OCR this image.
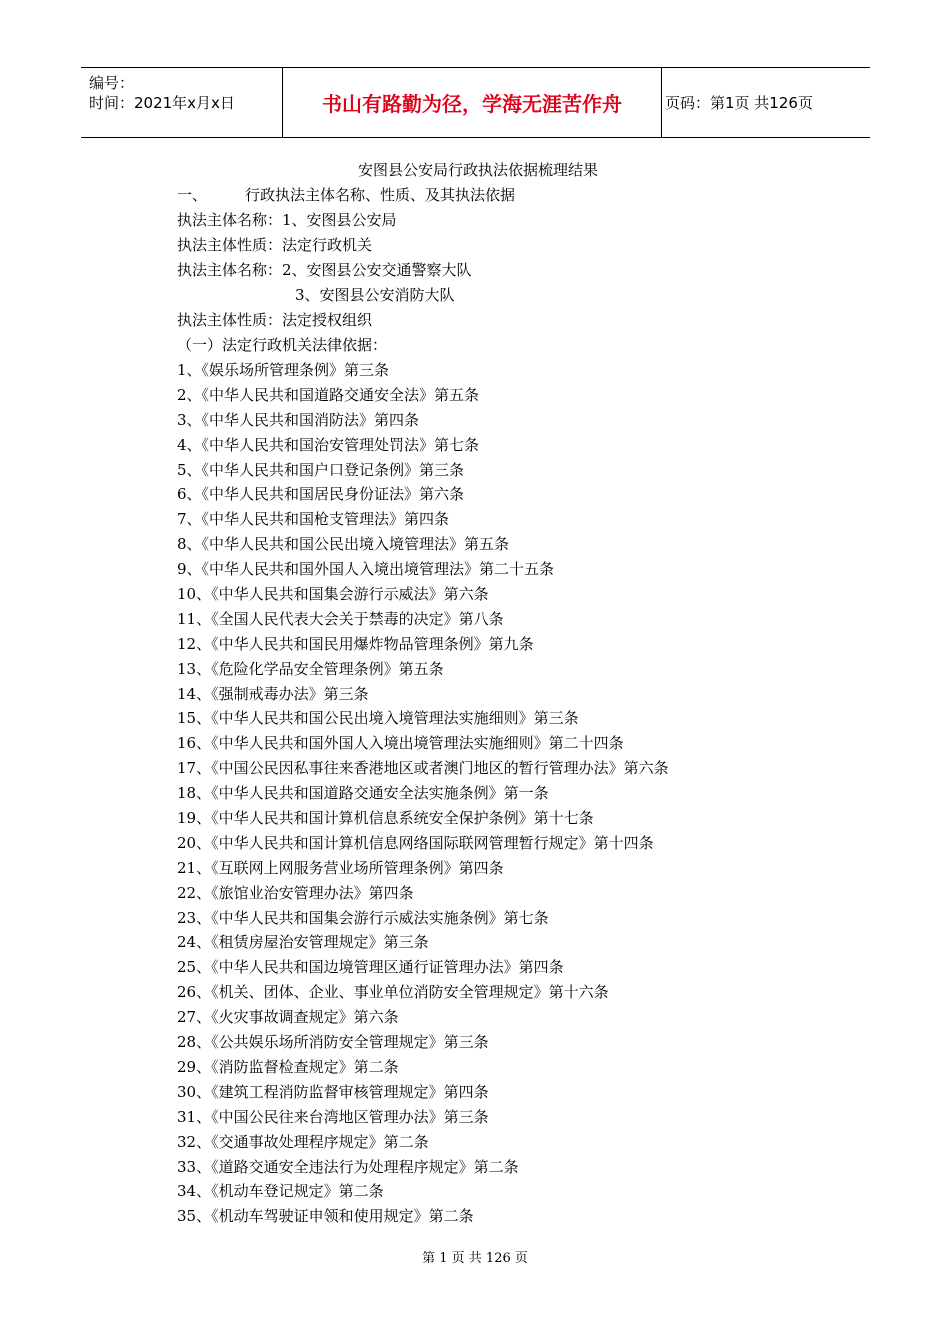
编号：
时间：2021年x月x日	书山有路勤为径，学海无涯苦作舟	页码：第1页 共126页
安图县公安局行政执法依据梳理结果
一、	行政执法主体名称、性质、及其执法依据
执法主体名称：1、安图县公安局
执法主体性质：法定行政机关
执法主体名称：2、安图县公安交通警察大队
3、安图县公安消防大队
执法主体性质：法定授权组织
（一）法定行政机关法律依据：
1、《娱乐场所管理条例》第三条
2、《中华人民共和国道路交通安全法》第五条
3、《中华人民共和国消防法》第四条
4、《中华人民共和国治安管理处罚法》第七条
5、《中华人民共和国户口登记条例》第三条
6、《中华人民共和国居民身份证法》第六条
7、《中华人民共和国枪支管理法》第四条
8、《中华人民共和国公民出境入境管理法》第五条
9、《中华人民共和国外国人入境出境管理法》第二十五条
10、《中华人民共和国集会游行示威法》第六条
11、《全国人民代表大会关于禁毒的决定》第八条
12、《中华人民共和国民用爆炸物品管理条例》第九条
13、《危险化学品安全管理条例》第五条
14、《强制戒毒办法》第三条
15、《中华人民共和国公民出境入境管理法实施细则》第三条
16、《中华人民共和国外国人入境出境管理法实施细则》第二十四条
17、《中国公民因私事往来香港地区或者澳门地区的暂行管理办法》第六条
18、《中华人民共和国道路交通安全法实施条例》第一条
19、《中华人民共和国计算机信息系统安全保护条例》第十七条
20、《中华人民共和国计算机信息网络国际联网管理暂行规定》第十四条
21、《互联网上网服务营业场所管理条例》第四条
22、《旅馆业治安管理办法》第四条
23、《中华人民共和国集会游行示威法实施条例》第七条
24、《租赁房屋治安管理规定》第三条
25、《中华人民共和国边境管理区通行证管理办法》第四条
26、《机关、团体、企业、事业单位消防安全管理规定》第十六条
27、《火灾事故调查规定》第六条
28、《公共娱乐场所消防安全管理规定》第三条
29、《消防监督检查规定》第二条
30、《建筑工程消防监督审核管理规定》第四条
31、《中国公民往来台湾地区管理办法》第三条
32、《交通事故处理程序规定》第二条
33、《道路交通安全违法行为处理程序规定》第二条
34、《机动车登记规定》第二条
35、《机动车驾驶证申领和使用规定》第二条
第 1 页 共 126 页
